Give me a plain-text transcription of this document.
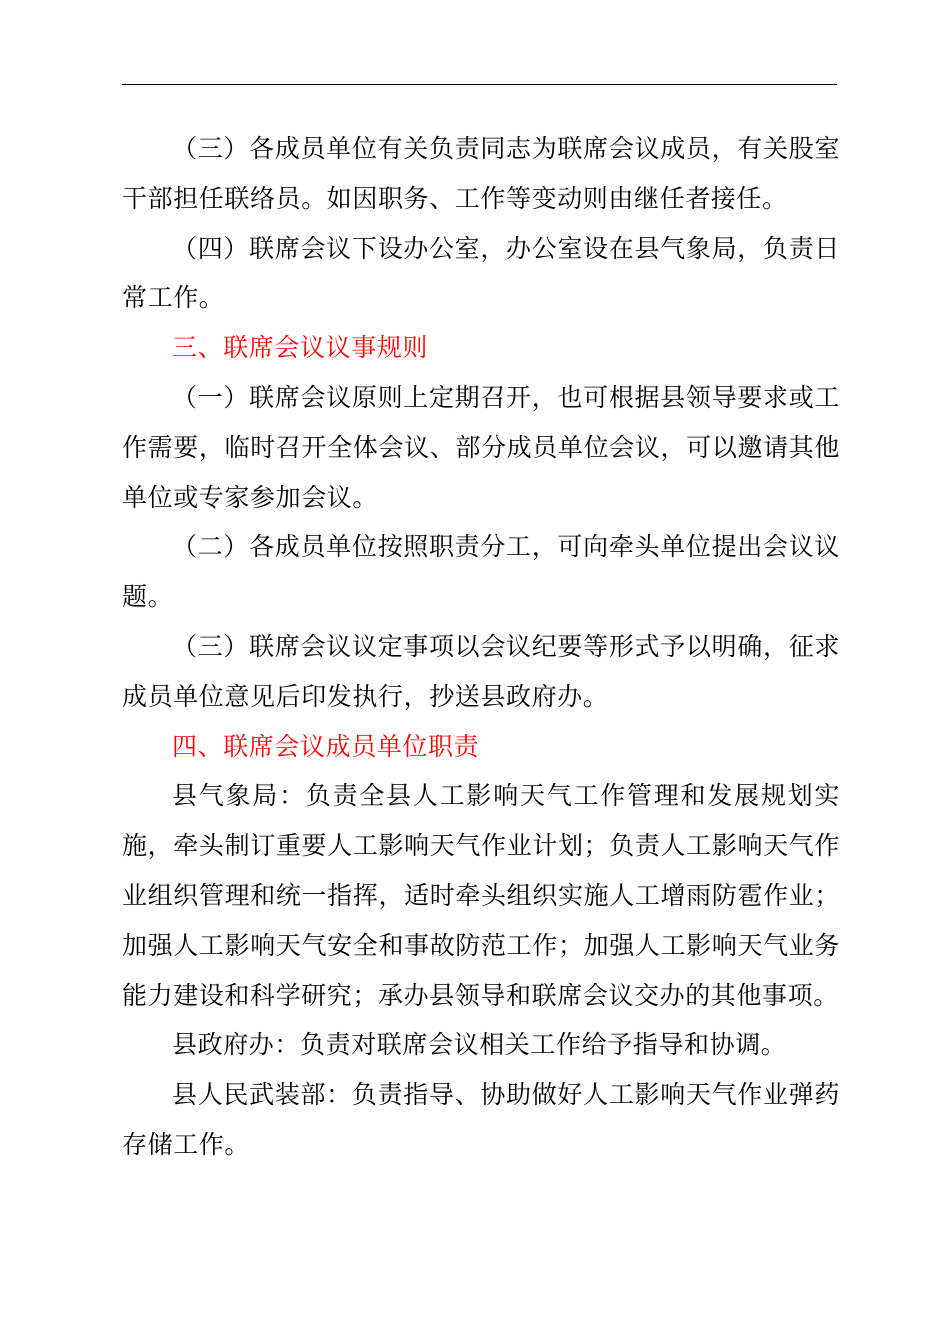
（三）各成员单位有关负责同志为联席会议成员，有关股室干部担任联络员。如因职务、工作等变动则由继任者接任。

（四）联席会议下设办公室，办公室设在县气象局，负责日常工作。

三、联席会议议事规则

（一）联席会议原则上定期召开，也可根据县领导要求或工作需要，临时召开全体会议、部分成员单位会议，可以邀请其他单位或专家参加会议。

（二）各成员单位按照职责分工，可向牵头单位提出会议议题。

（三）联席会议议定事项以会议纪要等形式予以明确，征求成员单位意见后印发执行，抄送县政府办。

四、联席会议成员单位职责

县气象局：负责全县人工影响天气工作管理和发展规划实施，牵头制订重要人工影响天气作业计划；负责人工影响天气作业组织管理和统一指挥，适时牵头组织实施人工增雨防雹作业；加强人工影响天气安全和事故防范工作；加强人工影响天气业务能力建设和科学研究；承办县领导和联席会议交办的其他事项。

县政府办：负责对联席会议相关工作给予指导和协调。

县人民武装部：负责指导、协助做好人工影响天气作业弹药存储工作。
